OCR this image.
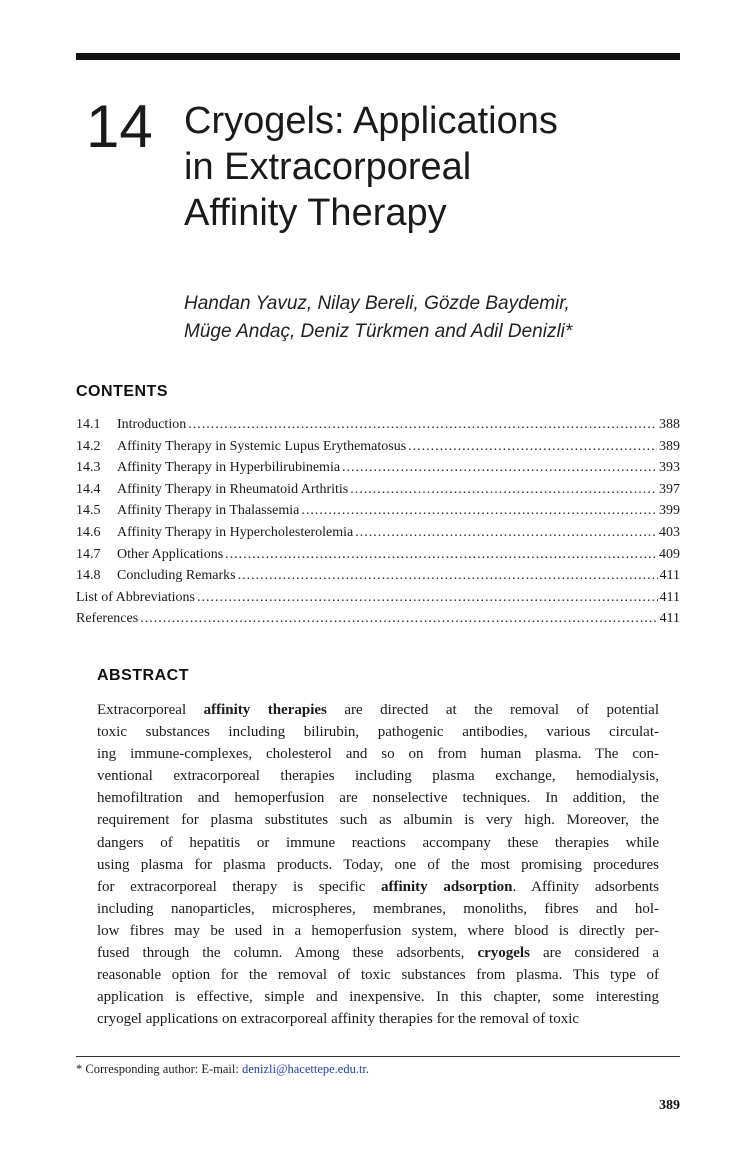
14 Cryogels: Applications
in Extracorporeal
Affinity Therapy
Handan Yavuz, Nilay Bereli, Gözde Baydemir,
Müge Andaç, Deniz Türkmen and Adil Denizli*
CONTENTS
14.1	Introduction .....	388
14.2	Affinity Therapy in Systemic Lupus Erythematosus .....	389
14.3	Affinity Therapy in Hyperbilirubinemia .....	393
14.4	Affinity Therapy in Rheumatoid Arthritis .....	397
14.5	Affinity Therapy in Thalassemia .....	399
14.6	Affinity Therapy in Hypercholesterolemia .....	403
14.7	Other Applications .....	409
14.8	Concluding Remarks .....	411
List of Abbreviations .....	411
References .....	411
ABSTRACT
Extracorporeal affinity therapies are directed at the removal of potential
toxic substances including bilirubin, pathogenic antibodies, various circulat-
ing immune-complexes, cholesterol and so on from human plasma. The con-
ventional extracorporeal therapies including plasma exchange, hemodialysis,
hemofiltration and hemoperfusion are nonselective techniques. In addition, the
requirement for plasma substitutes such as albumin is very high. Moreover, the
dangers of hepatitis or immune reactions accompany these therapies while
using plasma for plasma products. Today, one of the most promising procedures
for extracorporeal therapy is specific affinity adsorption. Affinity adsorbents
including nanoparticles, microspheres, membranes, monoliths, fibres and hol-
low fibres may be used in a hemoperfusion system, where blood is directly per-
fused through the column. Among these adsorbents, cryogels are considered a
reasonable option for the removal of toxic substances from plasma. This type of
application is effective, simple and inexpensive. In this chapter, some interesting
cryogel applications on extracorporeal affinity therapies for the removal of toxic
* Corresponding author: E-mail: denizli@hacettepe.edu.tr.
389
